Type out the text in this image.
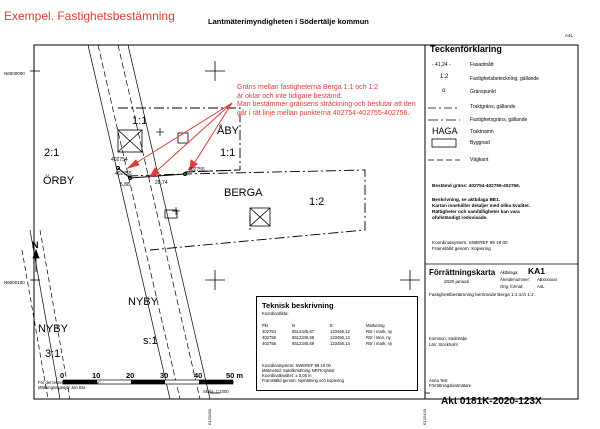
Exempel. Fastighetsbestämning	Lantmäterimyndigheten i Södertälje kommun
A4L
N6500000
N6500100
E120000	E120100
1:1
ÅBY
1:1
2:1
ÖRBY
BERGA
1:2
NYBY
s:1
NYBY
3:1
N
402754
402755
402756
5,88	29,74
Gräns mellan fastigheterna Berga 1:1 och 1:2
är oklar och inte tidigare bestämd.
Man bestämmer gränsens sträckning och beslutar att den
går i rät linje mellan punkterna 402754-402755-402756.
0	10	20	30	40	50 m
Skala: 1:1000
För det tekniska innehållet svarar:
Mätningsingenjör Jan Bra
Teckenförklaring
- 41,24 -	Fasadmått
1:2	Fastighetsbeteckning, gällande
o	Gränspunkt
Traktgräns, gällande
Fastighetsgräns, gällande
HAGA Traktnamn
Byggnad
Vägkant
Bestämd gräns: 402754-402755-402756.
Beskrivning, se aktbilaga BE1.
Kartan innehåller detaljer med olika kvalitet.
Rättigheter och samfälligheter kan vara
ofullständigt redovisade.
Koordinatsystem: SWEREF 99 18 00
Framställd genom: Kopiering
Förrättningskarta
2020 januari
Aktbilaga: KA1
Ärendenummer: ABxxxxxxx
Orig. format:	A4L
Fastighetsbestämning berörande Berga 1:1 och 1:2.
Kommun: Södertälje
Län: Stockholm
Anna Test
Förrättningslantmätare
Akt 0181K-2020-123X
Teknisk beskrivning
Koordinatlista:
Pkt	N	E	Markering
402754	6512345,67	123456,12	Rör i mark, ny
402755	6512345,68	123456,13	Rör i sten, ny
402756	6512345,69	123456,14	Rör i mark, ny
Koordinatsystem: SWEREF 99 18 00
Mätmetod: Satellitmätning NRTK-tjänst
Koordinatkvalitet: ± 0,05 m
Framställd genom: Nymätning och kopiering
